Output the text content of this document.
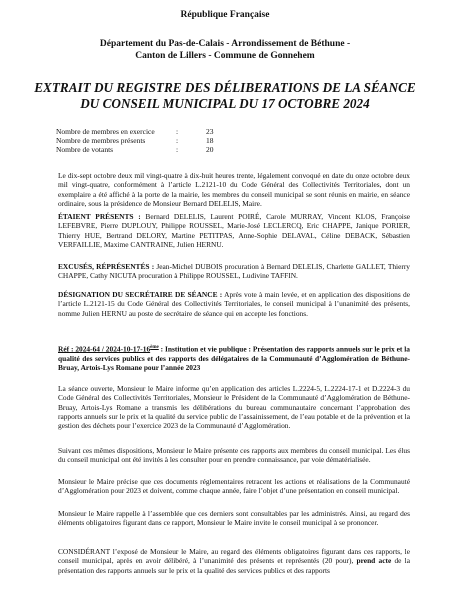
République Française
Département du Pas-de-Calais - Arrondissement de Béthune -
Canton de Lillers - Commune de Gonnehem
EXTRAIT DU REGISTRE DES DÉLIBERATIONS DE LA SÉANCE
DU CONSEIL MUNICIPAL DU 17 OCTOBRE 2024
Nombre de membres en exercice	:	23
Nombre de membres présents	:	18
Nombre de votants	:	20

Le dix-sept octobre deux mil vingt-quatre à dix-huit heures trente, légalement convoqué en date du onze octobre deux mil vingt-quatre, conformément à l’article L.2121-10 du Code Général des Collectivités Territoriales, dont un exemplaire a été affiché à la porte de la mairie, les membres du conseil municipal se sont réunis en mairie, en séance ordinaire, sous la présidence de Monsieur Bernard DELELIS, Maire.

ÉTAIENT PRÉSENTS : Bernard DELELIS, Laurent POIRÉ, Carole MURRAY, Vincent KLOS, Françoise LEFEBVRE, Pierre DUPLOUY, Philippe ROUSSEL, Marie-José LECLERCQ, Eric CHAPPE, Janique PORIER, Thierry HUE, Bertrand DELORY, Martine PETITPAS, Anne-Sophie DELAVAL, Céline DEBACK, Sébastien VERFAILLIE, Maxime CANTRAINE, Julien HERNU.

EXCUSÉS, RÉPRÉSENTÉS : Jean-Michel DUBOIS procuration à Bernard DELELIS, Charlette GALLET, Thierry CHAPPE, Cathy NICUTA procuration à Philippe ROUSSEL, Ludivine TAFFIN.

DÉSIGNATION DU SECRÉTAIRE DE SÉANCE : Après vote à main levée, et en application des dispositions de l’article L.2121-15 du Code Général des Collectivités Territoriales, le conseil municipal à l’unanimité des présents, nomme Julien HERNU au poste de secrétaire de séance qui en accepte les fonctions.

Réf : 2024-64 / 2024-10-17-16ème : Institution et vie publique : Présentation des rapports annuels sur le prix et la qualité des services publics et des rapports des délégataires de la Communauté d’Agglomération de Béthune-Bruay, Artois-Lys Romane pour l’année 2023

La séance ouverte, Monsieur le Maire informe qu’en application des articles L.2224-5, L.2224-17-1 et D.2224-3 du Code Général des Collectivités Territoriales, Monsieur le Président de la Communauté d’Agglomération de Béthune-Bruay, Artois-Lys Romane a transmis les délibérations du bureau communautaire concernant l’approbation des rapports annuels sur le prix et la qualité du service public de l’assainissement, de l’eau potable et de la prévention et la gestion des déchets pour l’exercice 2023 de la Communauté d’Agglomération.

Suivant ces mêmes dispositions, Monsieur le Maire présente ces rapports aux membres du conseil municipal. Les élus du conseil municipal ont été invités à les consulter pour en prendre connaissance, par voie dématérialisée.

Monsieur le Maire précise que ces documents réglementaires retracent les actions et réalisations de la Communauté d’Agglomération pour 2023 et doivent, comme chaque année, faire l’objet d’une présentation en conseil municipal.

Monsieur le Maire rappelle à l’assemblée que ces derniers sont consultables par les administrés. Ainsi, au regard des éléments obligatoires figurant dans ce rapport, Monsieur le Maire invite le conseil municipal à se prononcer.

CONSIDÉRANT l’exposé de Monsieur le Maire, au regard des éléments obligatoires figurant dans ces rapports, le conseil municipal, après en avoir délibéré, à l’unanimité des présents et représentés (20 pour), prend acte de la présentation des rapports annuels sur le prix et la qualité des services publics et des rapports
